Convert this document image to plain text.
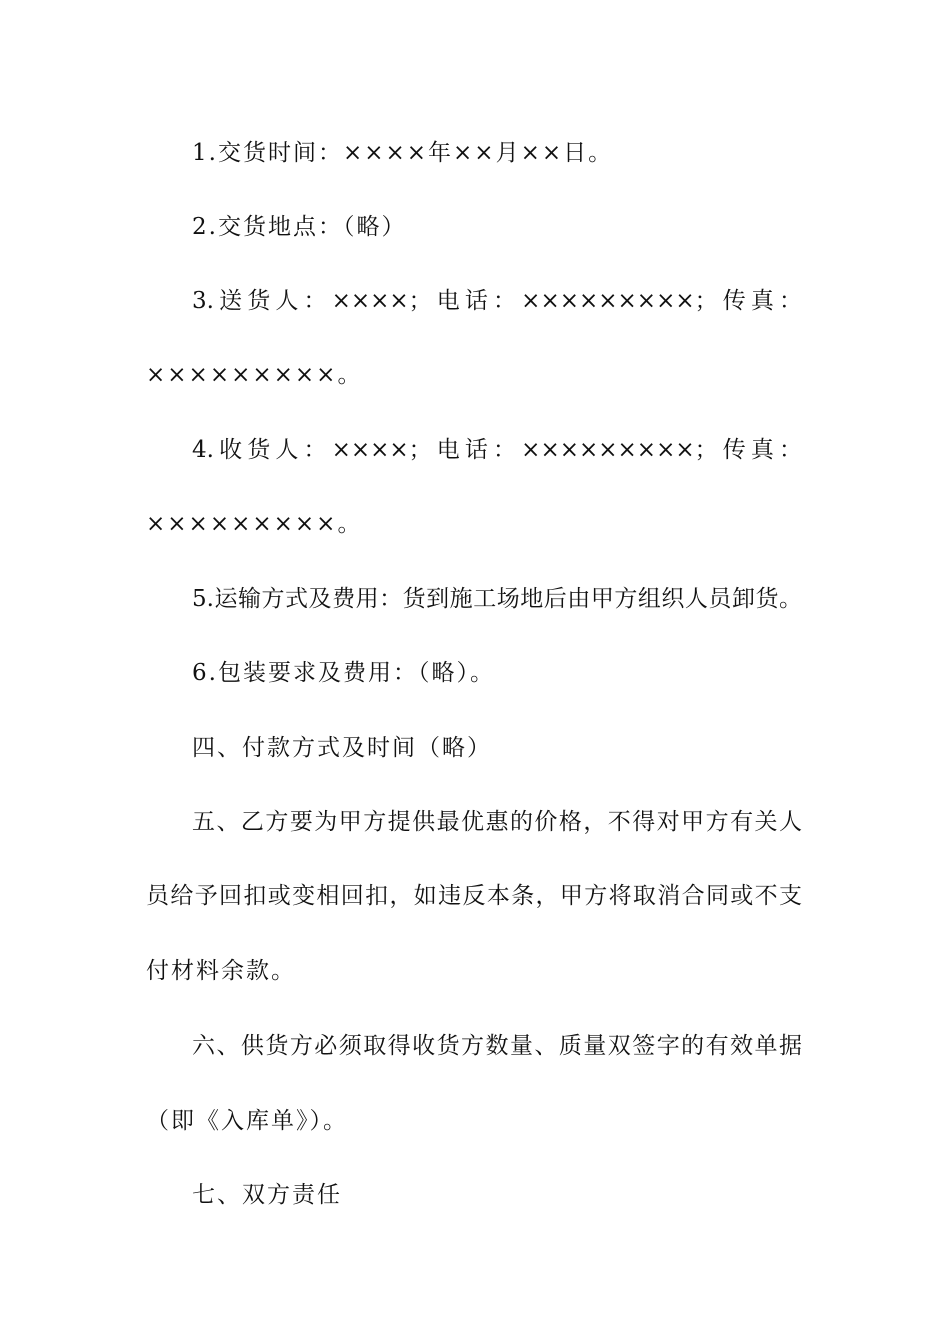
1.交货时间：××××年××月××日。
2.交货地点：（略）
3.送货人：××××；电话：×××××××××；传真：
×××××××××。
4.收货人：××××；电话：×××××××××；传真：
×××××××××。
5.运输方式及费用：货到施工场地后由甲方组织人员卸货。
6.包装要求及费用：（略）。
四、付款方式及时间（略）
五、乙方要为甲方提供最优惠的价格，不得对甲方有关人
员给予回扣或变相回扣，如违反本条，甲方将取消合同或不支
付材料余款。
六、供货方必须取得收货方数量、质量双签字的有效单据
（即《入库单》）。
七、双方责任
